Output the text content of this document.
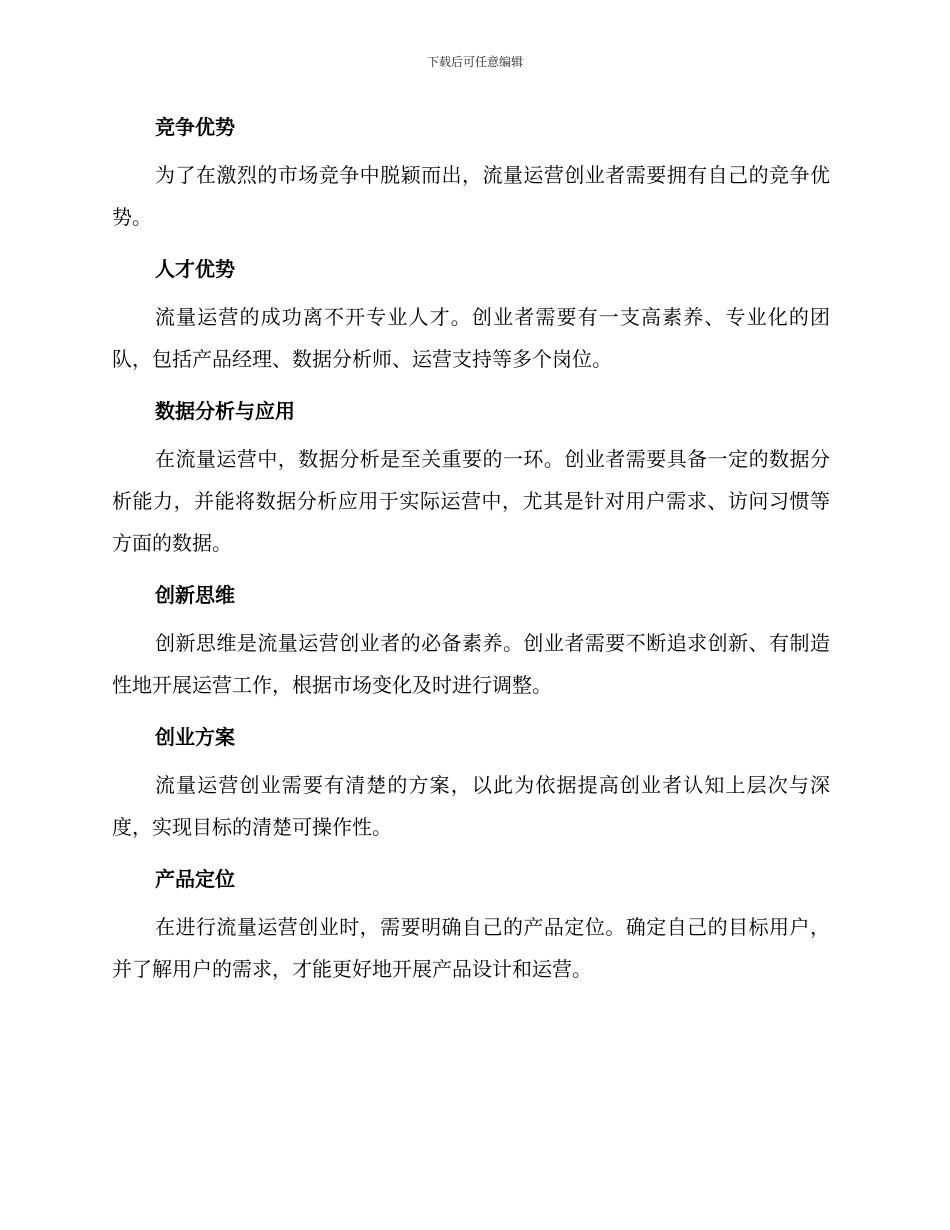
下载后可任意编辑
竞争优势

为了在激烈的市场竞争中脱颖而出，流量运营创业者需要拥有自己的竞争优势。

人才优势

流量运营的成功离不开专业人才。创业者需要有一支高素养、专业化的团队，包括产品经理、数据分析师、运营支持等多个岗位。

数据分析与应用

在流量运营中，数据分析是至关重要的一环。创业者需要具备一定的数据分析能力，并能将数据分析应用于实际运营中，尤其是针对用户需求、访问习惯等方面的数据。

创新思维

创新思维是流量运营创业者的必备素养。创业者需要不断追求创新、有制造性地开展运营工作，根据市场变化及时进行调整。

创业方案

流量运营创业需要有清楚的方案，以此为依据提高创业者认知上层次与深度，实现目标的清楚可操作性。

产品定位

在进行流量运营创业时，需要明确自己的产品定位。确定自己的目标用户，并了解用户的需求，才能更好地开展产品设计和运营。
